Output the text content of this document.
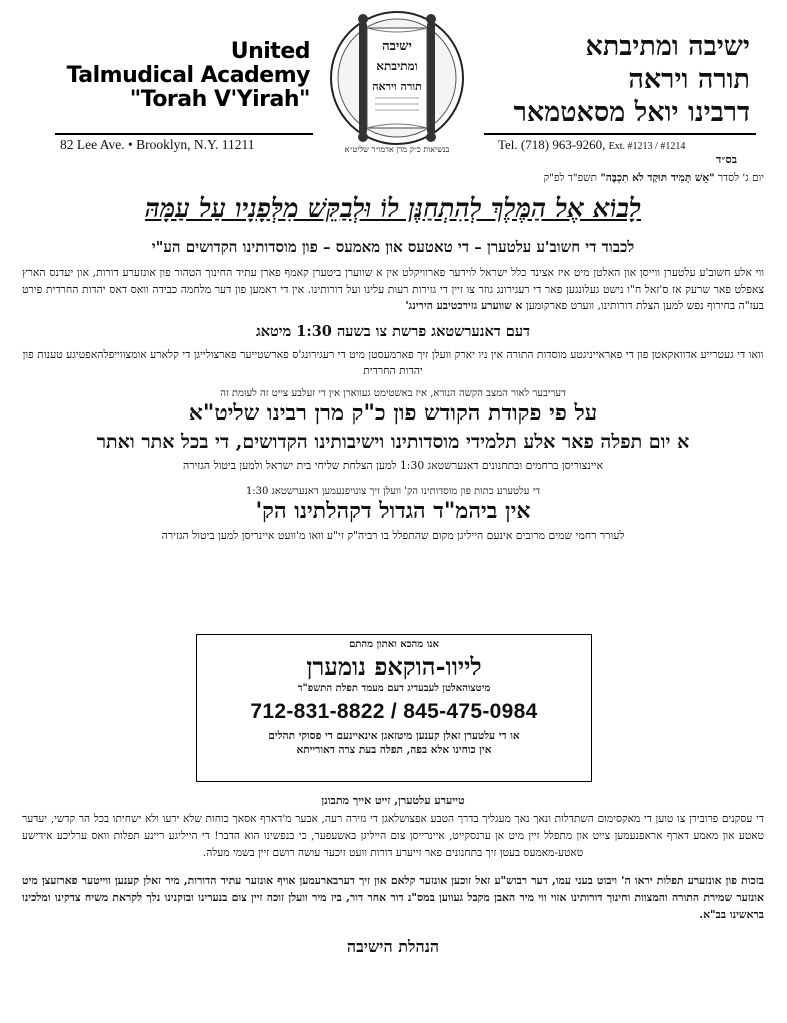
United
Talmudical Academy
"Torah V'Yirah"
ישיבה
ומתיבתא
תורה ויראה
בנשיאות כ״ק מרן אדמו״ר שליט״א
ישיבה ומתיבתא
תורה ויראה
דרבינו יואל מסאטמאר
82 Lee Ave. • Brooklyn, N.Y. 11211	Tel. (718) 963-9260, Ext. #1213 / #1214
בס״ד
יום ג' לסדר "אֵשׁ תָּמִיד תּוּקַד לֹא תִכְבֶּה" תשפ"ד לפ"ק
לָבוֹא אֶל הַמֶּלֶךְ לְהִתְחַנֶּן לוֹ וּלְבַקֵּשׁ מִלְּפָנָיו עַל עַמָּהּ
לכבוד די חשוב'ע עלטערן – די טאטעס און מאמעס – פון מוסדותינו הקדושים הע"י
ווי אלע חשוב'ע עלטערן ווייסן און האלטן מיט איז אצינד כלל ישראל לוידער פארוויקלט אין א שווערן ביטערן קאמף פארן עתיד החינוך הטהור פון אונזערע דורות, און יעדנס הארץ צאפלט פאר שרעק אז ס'זאל ח"ו נישט געלונגען פאר די רעגירונג גוזר צו זיין די גזירות רעות עלינו ועל דורותינו. אין די ראמען פון דער מלחמה כבידה וואס דאס יהדות החרדית פירט בעז"ה בחירוף נפש למען הצלת דורותינו, ווערט פארקומען א שווערע גזירכטיבע הירינג'
דעם דאנערשטאג פרשת צו בשעה 1:30 מיטאג
וואו די געטרייע אדוואקאטן פון די פאראייניגטע מוסדות התורה אין ניו יארק וועלן זיך פארמעסטן מיט די רעגירונג'ס פארשטייער פארצולייגן די קלארע אומצווייפלהאפטיגע טענות פון יהדות החרדית
דעריבער לאור המצב הקשה הנורא, איז באשטימט געווארן אין די זעלבע צייט זה לעומת זה
על פי פקודת הקודש פון כ"ק מרן רבינו שליט"א
א יום תפלה פאר אלע תלמידי מוסדותינו וישיבותינו הקדושים, די בכל אתר ואתר
איינצוריסן ברחמים ובתחנונים דאנערשטאג 1:30 למען הצלחת שליחי בית ישראל ולמען ביטול הגזירה
די עלטערע כתות פון מוסדותינו הק' וועלן זיך צונויפנעמען דאנערשטאג 1:30
אין ביהמ"ד הגדול דקהלתינו הק'
לעורר רחמי שמים מרובים אינעם הייליגן מקום שהתפלל בו רביה"ק זי"ע וואו מ'וועט איינריסן למען ביטול הגזירה
אנו מהכא ואתון מהתם
לייוו-הוקאפ נומערן
מיטצוהאלטן לעבעדיג דעם מעמד תפלת התשפ"ד
712-831-8822 / 845-475-0984
או די עלטערן זאלן קענען מיטזאגן אינאיינעם די פסוקי תהלים
אין כוחינו אלא בפה, תפלה בעת צרה דאורייתא
טייערע עלטערן, זייט אייך מתבונן
די עסקנים פרובירן צו טוען די מאקסימום השתדלות ונאך נאך מעגליך בדרך הטבע אפצושלאגן די גזירה רעה, אבער מ'דארף אסאך כוחות שלא ירעו ולא ישחיתו בכל הר קדשי, יעדער טאטע און מאמע דארף אראפנעמען צייט און מתפלל זיין מיט אן ערנסקייט, איינרייסן צום הייליגן באשעפער, כי בנפשינו הוא הדבר! די הייליגע ריינע תפלות וואס ערליכע אידישע טאטע-מאמעס בעטן זיך בתחנונים פאר זייערע דורות וועט זיכער עושה רושם זיין בשמי מעלה.
בזכות פון אונזערע תפלות יראו ה' ויבוט בעני עמו, דער רבוש"ע זאל זוכען אונזער קלאם און זיך דערבארעמען אויף אונזער עתיד הדורות, מיר זאלן קענען ווייטער פארזעצן מיט אונזער שמירת התורה והמצוות וחינוך דורותינו אזוי ווי מיר האבן מקבל געווען במס"נ דור אחר דור, ביז מיר וועלן זוכה זיין צום בנערינו ובזקנינו נלך לקראת משיח צדקינו ומלכינו בראשינו בב"א.
הנהלת הישיבה
